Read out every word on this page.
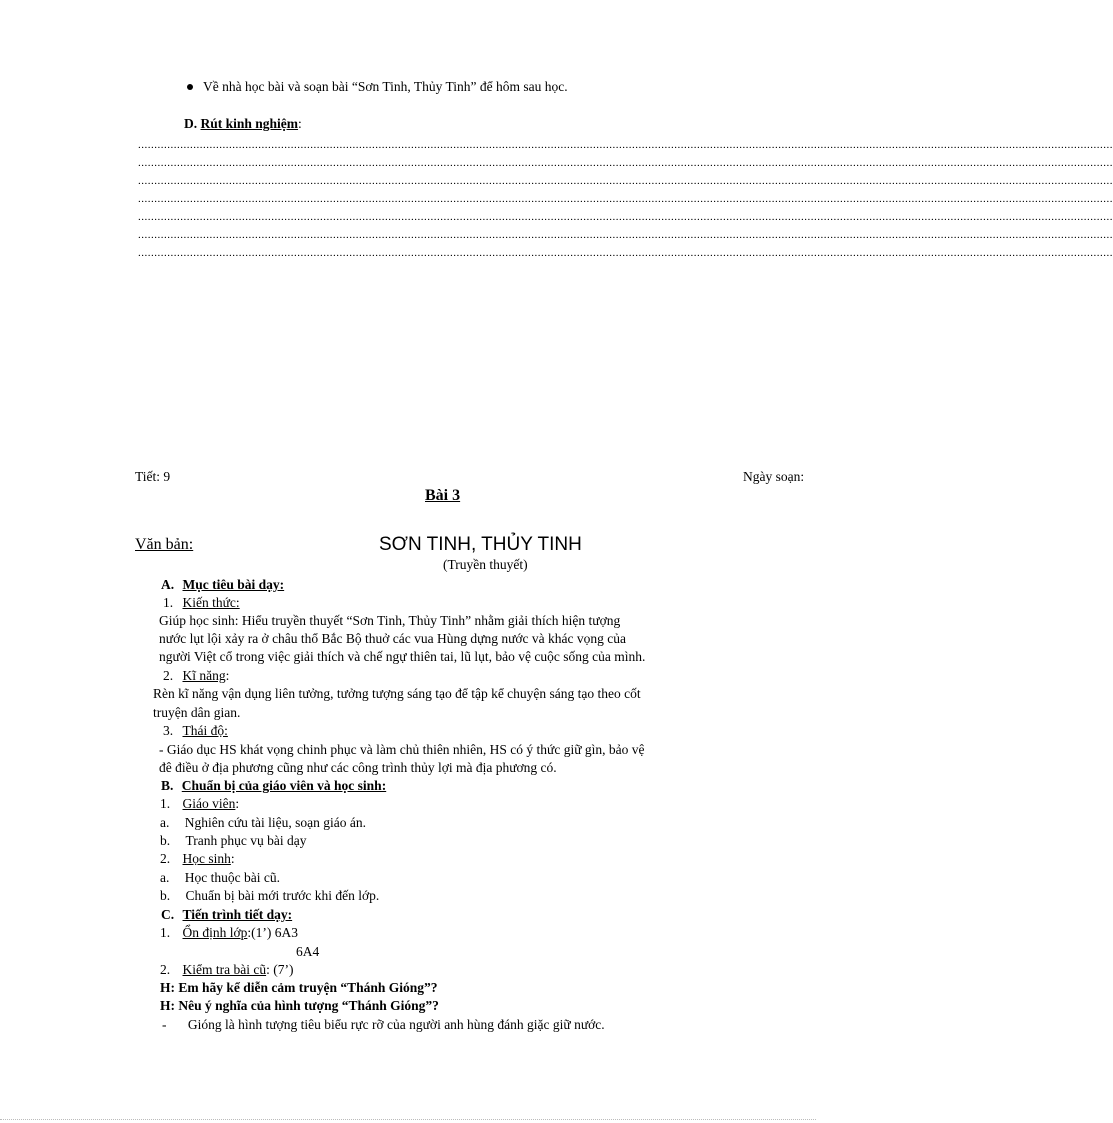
Về nhà học bài và soạn bài “Sơn Tinh, Thủy Tinh” để hôm sau học.
D. Rút kinh nghiệm:
............................................................................................................................................................................................................................................................................................................
............................................................................................................................................................................................................................................................................................................
............................................................................................................................................................................................................................................................................................................
............................................................................................................................................................................................................................................................................................................
............................................................................................................................................................................................................................................................................................................
............................................................................................................................................................................................................................................................................................................
............................................................................................................................................................................................................................................................................................................
Tiết: 9	Ngày soạn:
Bài 3
Văn bản:	SƠN TINH, THỦY TINH
(Truyền thuyết)
A. Mục tiêu bài dạy:
1. Kiến thức:
Giúp học sinh: Hiểu truyền thuyết “Sơn Tinh, Thủy Tinh” nhằm giải thích hiện tượng
nước lụt lội xảy ra ở châu thổ Bắc Bộ thuở các vua Hùng dựng nước và khác vọng của
người Việt cổ trong việc giải thích và chế ngự thiên tai, lũ lụt, bảo vệ cuộc sống của mình.
2. Kĩ năng:
Rèn kĩ năng vận dụng liên tưởng, tưởng tượng sáng tạo để tập kể chuyện sáng tạo theo cốt
truyện dân gian.
3. Thái độ:
- Giáo dục HS khát vọng chinh phục và làm chủ thiên nhiên, HS có ý thức giữ gìn, bảo vệ
đê điều ở địa phương cũng như các công trình thủy lợi mà địa phương có.
B. Chuẩn bị của giáo viên và học sinh:
1. Giáo viên:
a. Nghiên cứu tài liệu, soạn giáo án.
b. Tranh phục vụ bài dạy
2. Học sinh:
a. Học thuộc bài cũ.
b. Chuẩn bị bài mới trước khi đến lớp.
C. Tiến trình tiết dạy:
1. Ổn định lớp:(1’) 6A3
6A4
2. Kiểm tra bài cũ: (7’)
H: Em hãy kể diễn cảm truyện “Thánh Gióng”?
H: Nêu ý nghĩa của hình tượng “Thánh Gióng”?
- Gióng là hình tượng tiêu biểu rực rỡ của người anh hùng đánh giặc giữ nước.
